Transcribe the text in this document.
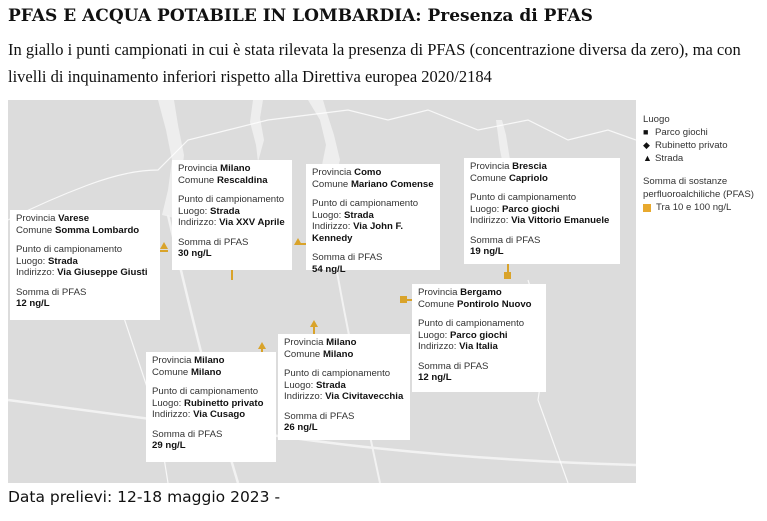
PFAS E ACQUA POTABILE IN LOMBARDIA: Presenza di PFAS
In giallo i punti campionati in cui è stata rilevata la presenza di PFAS (concentrazione diversa da zero), ma con livelli di inquinamento inferiori rispetto alla Direttiva europea 2020/2184
Provincia Varese
Comune Somma Lombardo
Punto di campionamento
Luogo: Strada
Indirizzo: Via Giuseppe Giusti
Somma di PFAS
12 ng/L
Provincia Milano
Comune Rescaldina
Punto di campionamento
Luogo: Strada
Indirizzo: Via XXV Aprile
Somma di PFAS
30 ng/L
Provincia Como
Comune Mariano Comense
Punto di campionamento
Luogo: Strada
Indirizzo: Via John F. Kennedy
Somma di PFAS
54 ng/L
Provincia Brescia
Comune Capriolo
Punto di campionamento
Luogo: Parco giochi
Indirizzo: Via Vittorio Emanuele
Somma di PFAS
19 ng/L
Provincia Bergamo
Comune Pontirolo Nuovo
Punto di campionamento
Luogo: Parco giochi
Indirizzo: Via Italia
Somma di PFAS
12 ng/L
Provincia Milano
Comune Milano
Punto di campionamento
Luogo: Rubinetto privato
Indirizzo: Via Cusago
Somma di PFAS
29 ng/L
Provincia Milano
Comune Milano
Punto di campionamento
Luogo: Strada
Indirizzo: Via Civitavecchia
Somma di PFAS
26 ng/L
Luogo
■ Parco giochi
◆ Rubinetto privato
▲ Strada
Somma di sostanze perfluoroalchiliche (PFAS)
Tra 10 e 100 ng/L
Data prelievi: 12-18 maggio 2023 -
